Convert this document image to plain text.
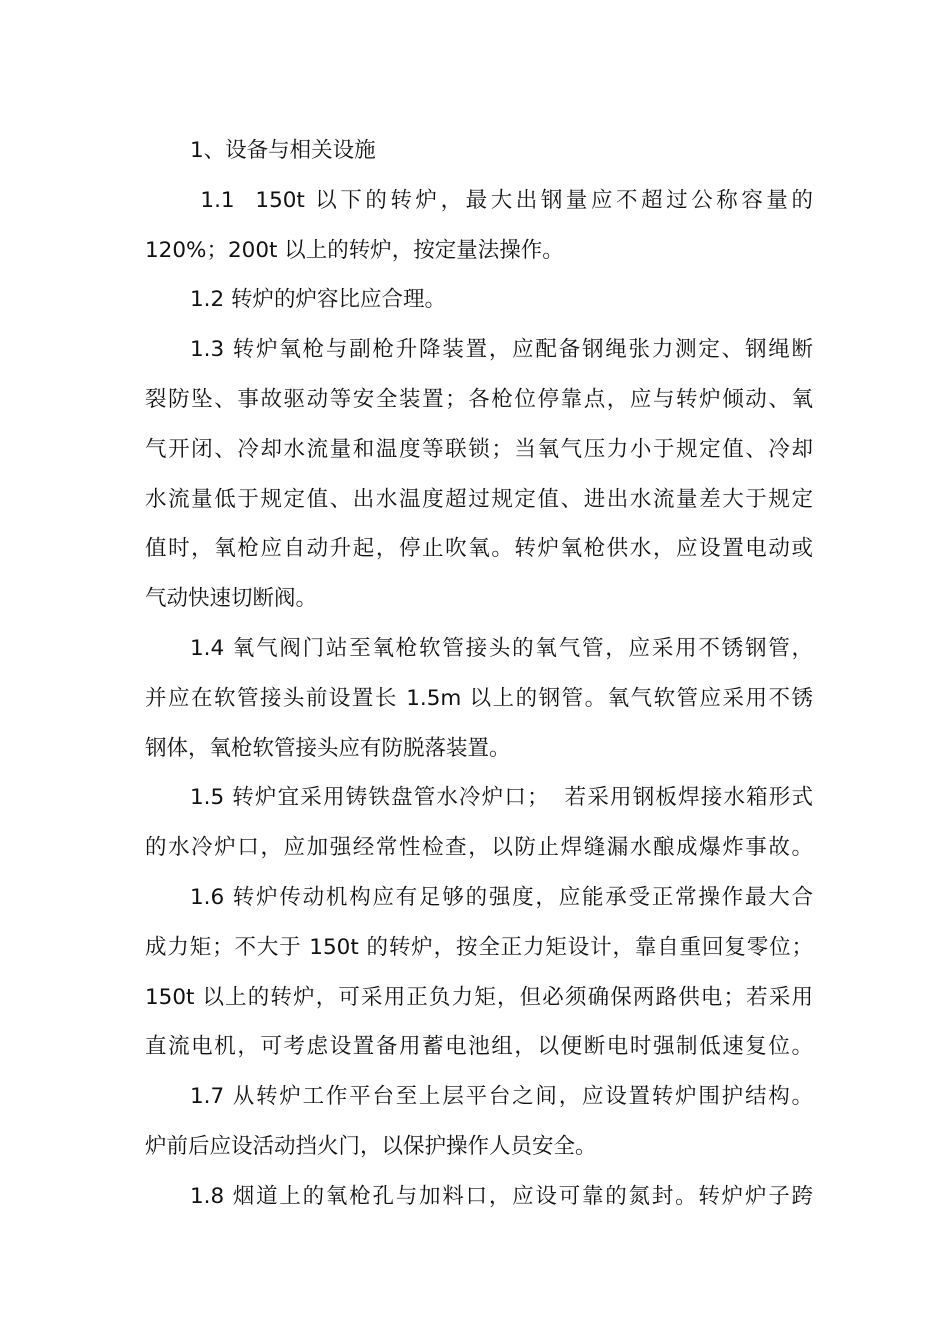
1、设备与相关设施
1.1  150t 以下的转炉，最大出钢量应不超过公称容量的
120%；200t 以上的转炉，按定量法操作。
1.2 转炉的炉容比应合理。
1.3 转炉氧枪与副枪升降装置，应配备钢绳张力测定、钢绳断
裂防坠、事故驱动等安全装置；各枪位停靠点，应与转炉倾动、氧
气开闭、冷却水流量和温度等联锁；当氧气压力小于规定值、冷却
水流量低于规定值、出水温度超过规定值、进出水流量差大于规定
值时，氧枪应自动升起，停止吹氧。转炉氧枪供水，应设置电动或
气动快速切断阀。
1.4 氧气阀门站至氧枪软管接头的氧气管，应采用不锈钢管，
并应在软管接头前设置长 1.5m 以上的钢管。氧气软管应采用不锈
钢体，氧枪软管接头应有防脱落装置。
1.5 转炉宜采用铸铁盘管水冷炉口；  若采用钢板焊接水箱形式
的水冷炉口，应加强经常性检查，以防止焊缝漏水酿成爆炸事故。
1.6 转炉传动机构应有足够的强度，应能承受正常操作最大合
成力矩；不大于 150t 的转炉，按全正力矩设计，靠自重回复零位；
150t 以上的转炉，可采用正负力矩，但必须确保两路供电；若采用
直流电机，可考虑设置备用蓄电池组，以便断电时强制低速复位。
1.7 从转炉工作平台至上层平台之间，应设置转炉围护结构。
炉前后应设活动挡火门，以保护操作人员安全。
1.8 烟道上的氧枪孔与加料口，应设可靠的氮封。转炉炉子跨
